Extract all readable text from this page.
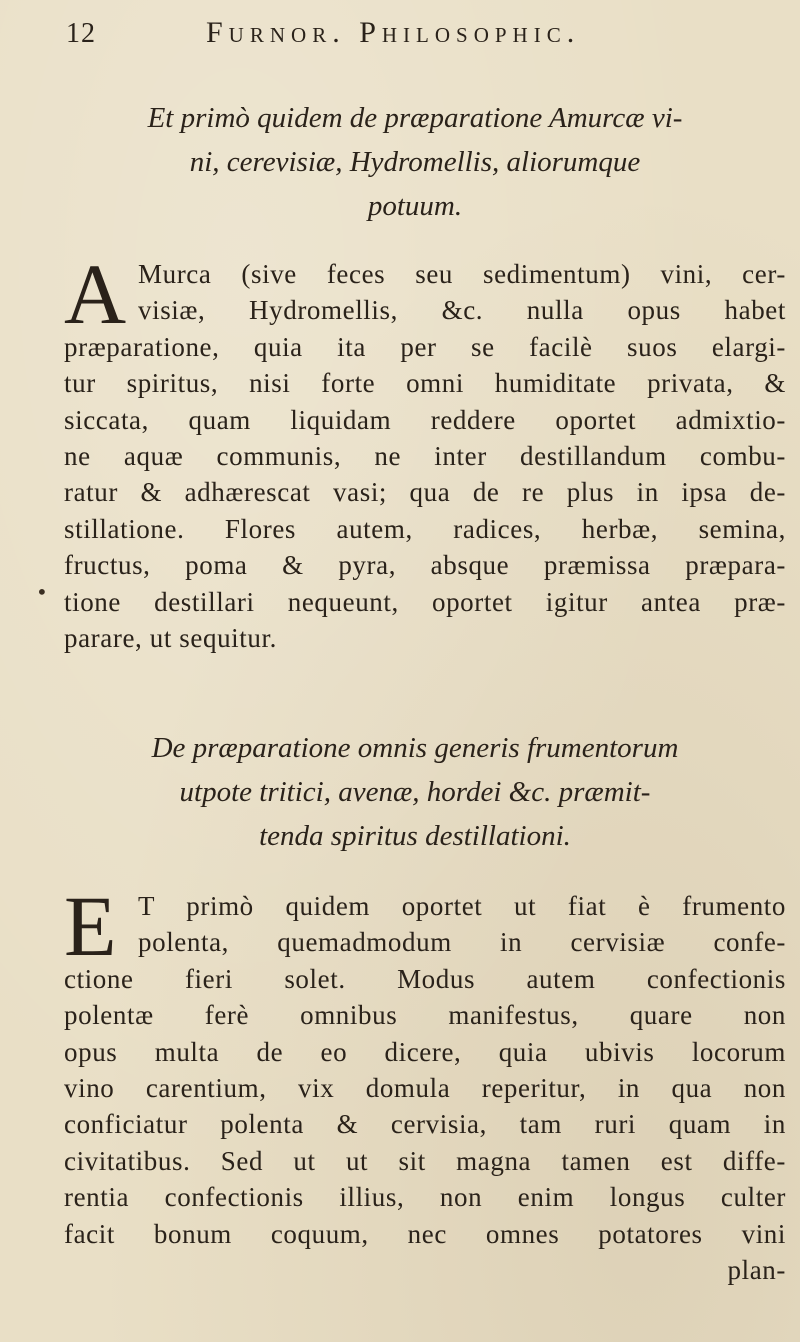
12	Furnor. Philosophic.
Et primò quidem de præparatione Amurcæ vi-
ni, cerevisiæ, Hydromellis, aliorumque
potuum.
A Murca (sive feces seu sedimentum) vini, cer-
visiæ, Hydromellis, &c. nulla opus habet
præparatione, quia ita per se facilè suos elargi-
tur spiritus, nisi forte omni humiditate privata, &
siccata, quam liquidam reddere oportet admixtio-
ne aquæ communis, ne inter destillandum combu-
ratur & adhærescat vasi; qua de re plus in ipsa de-
stillatione. Flores autem, radices, herbæ, semina,
fructus, poma & pyra, absque præmissa præpara-
tione destillari nequeunt, oportet igitur antea præ-
parare, ut sequitur.
•
De præparatione omnis generis frumentorum
utpote tritici, avenæ, hordei &c. præmit-
tenda spiritus destillationi.
E T primò quidem oportet ut fiat è frumento
polenta, quemadmodum in cervisiæ confe-
ctione fieri solet. Modus autem confectionis
polentæ ferè omnibus manifestus, quare non
opus multa de eo dicere, quia ubivis locorum
vino carentium, vix domula reperitur, in qua non
conficiatur polenta & cervisia, tam ruri quam in
civitatibus. Sed ut ut sit magna tamen est diffe-
rentia confectionis illius, non enim longus culter
facit bonum coquum, nec omnes potatores vini
plan-
